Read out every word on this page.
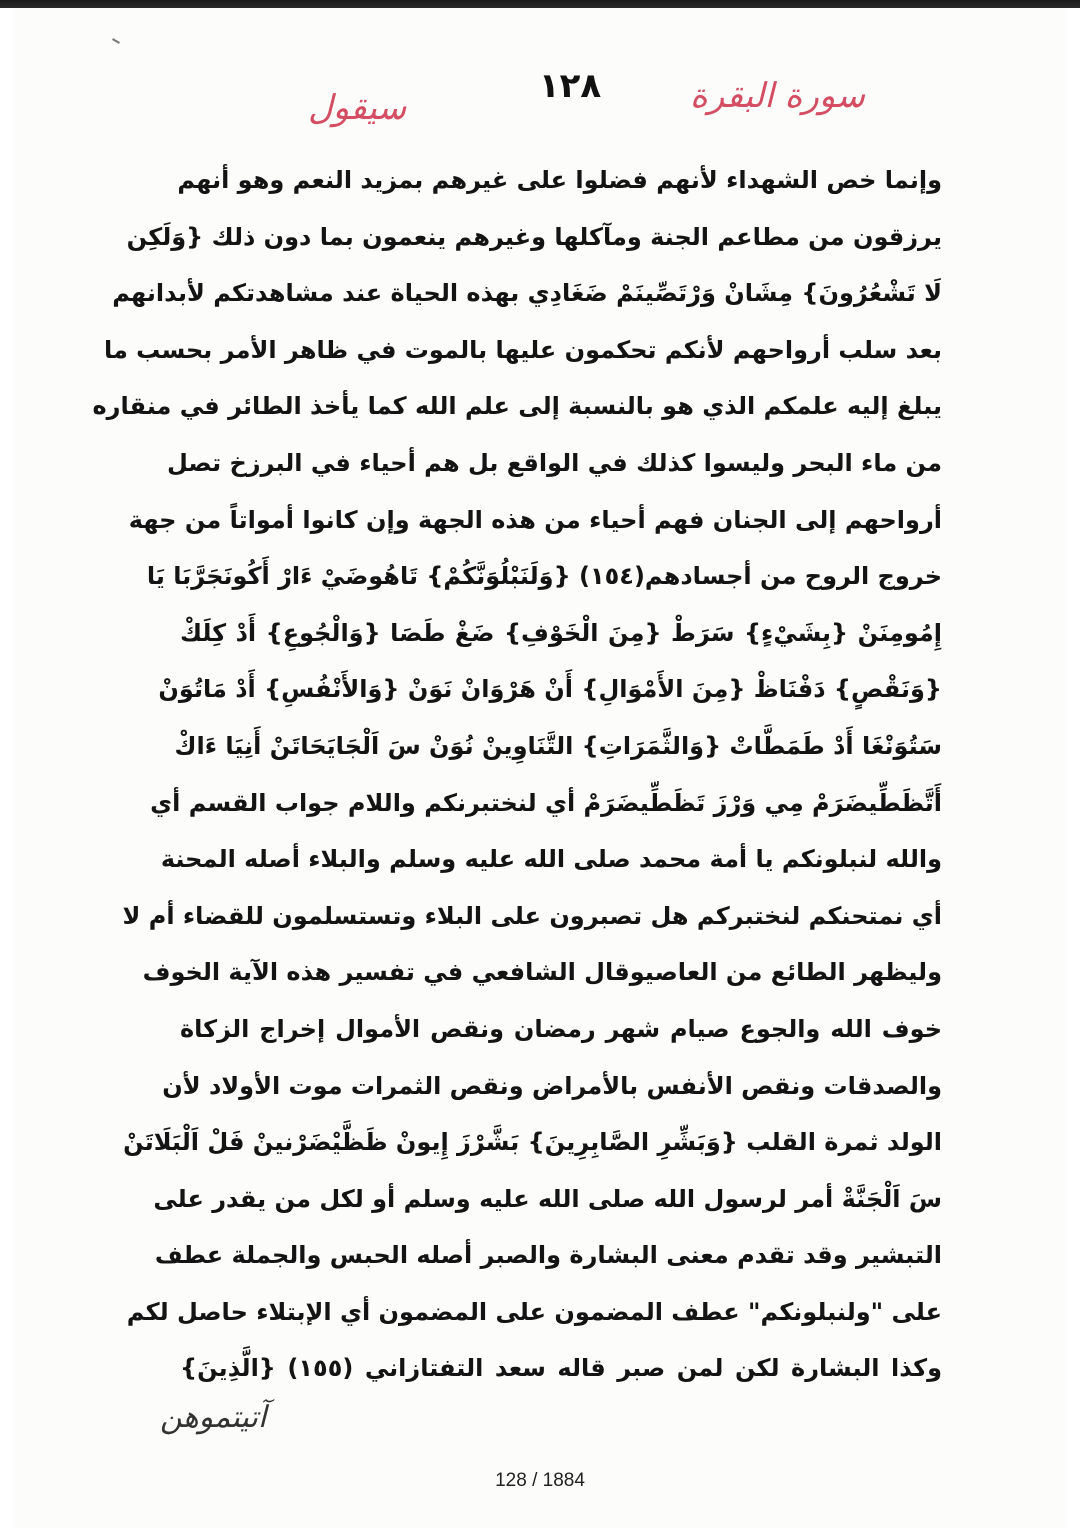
١٢٨	سورة البقرة
سيقول
وإنما خص الشهداء لأنهم فضلوا على غيرهم بمزيد النعم وهو أنهم
يرزقون من مطاعم الجنة ومآكلها وغيرهم ينعمون بما دون ذلك {وَلَكِن
لَا تَشْعُرُونَ} مِشَانْ وَرْتَصِّينَمْ ضَغَادِي بهذه الحياة عند مشاهدتكم لأبدانهم
بعد سلب أرواحهم لأنكم تحكمون عليها بالموت في ظاهر الأمر بحسب ما
يبلغ إليه علمكم الذي هو بالنسبة إلى علم الله كما يأخذ الطائر في منقاره
من ماء البحر وليسوا كذلك في الواقع بل هم أحياء في البرزخ تصل
أرواحهم إلى الجنان فهم أحياء من هذه الجهة وإن كانوا أمواتاً من جهة
خروج الروح من أجسادهم(١٥٤) {وَلَنَبْلُوَنَّكُمْ} تَاهُوضَيْ ءَارْ أَكُونَجَرَّبَا يَا
إِمُومِنَنْ {بِشَيْءٍ} سَرَطْ {مِنَ الْخَوْفِ} ضَغْ طَصَا {وَالْجُوعِ} أَدْ كِلَكْ
{وَنَقْصٍ} دَفْنَاظْ {مِنَ الأَمْوَالِ} أَنْ هَرْوَانْ نَوَنْ {وَالأَنْفُسِ} أَدْ مَاتُوَنْ
سَتُوَنْغَا أَدْ طَمَطَّاتْ {وَالثَّمَرَاتِ} التَّنَاوِينْ نُوَنْ سَ اَلْجَايَحَاتَنْ أَنِيَا ءَاكْ
أَتَّظَطِّيضَرَمْ مِي وَرْزَ تَظَطِّيضَرَمْ أي لنختبرنكم واللام جواب القسم أي
والله لنبلونكم يا أمة محمد صلى الله عليه وسلم والبلاء أصله المحنة
أي نمتحنكم لنختبركم هل تصبرون على البلاء وتستسلمون للقضاء أم لا
وليظهر الطائع من العاصيوقال الشافعي في تفسير هذه الآية الخوف
خوف الله والجوع صيام شهر رمضان ونقص الأموال إخراج الزكاة
والصدقات ونقص الأنفس بالأمراض ونقص الثمرات موت الأولاد لأن
الولد ثمرة القلب {وَبَشِّرِ الصَّابِرِينَ} بَشَّرْزَ إِيونْ ظَظَّيْضَرْنينْ فَلْ اَلْبَلَاتَنْ
سَ اَلْجَنَّةْ أمر لرسول الله صلى الله عليه وسلم أو لكل من يقدر على
التبشير وقد تقدم معنى البشارة والصبر أصله الحبس والجملة عطف
على "ولنبلونكم" عطف المضمون على المضمون أي الإبتلاء حاصل لكم
وكذا البشارة لكن لمن صبر قاله سعد التفتازاني (١٥٥) {الَّذِينَ}
آتيتموهن
128 / 1884
